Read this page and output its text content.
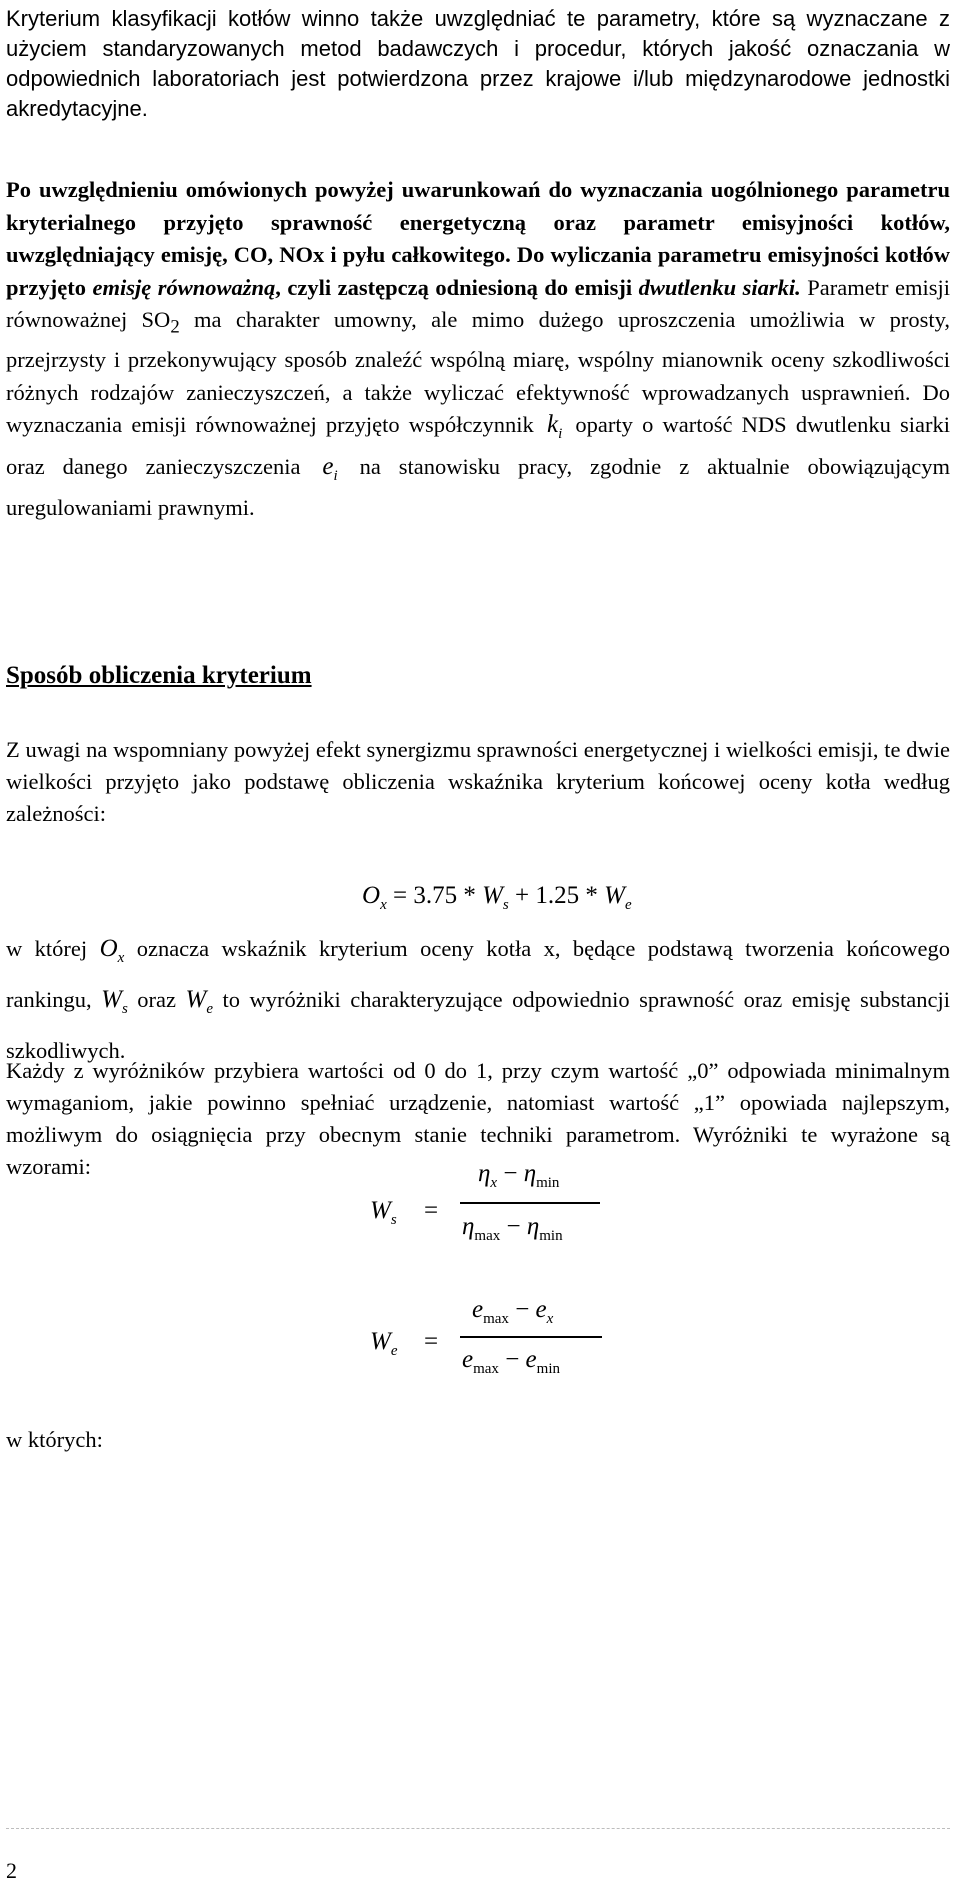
Kryterium klasyfikacji kotłów winno także uwzględniać te parametry, które są wyznaczane z użyciem standaryzowanych metod badawczych i procedur, których jakość oznaczania w odpowiednich laboratoriach jest potwierdzona przez krajowe i/lub międzynarodowe jednostki akredytacyjne.

Po uwzględnieniu omówionych powyżej uwarunkowań do wyznaczania uogólnionego parametru kryterialnego przyjęto sprawność energetyczną oraz parametr emisyjności kotłów, uwzględniający emisję, CO, NOx i pyłu całkowitego. Do wyliczania parametru emisyjności kotłów przyjęto emisję równoważną, czyli zastępczą odniesioną do emisji dwutlenku siarki. Parametr emisji równoważnej $SO_2$ ma charakter umowny, ale mimo dużego uproszczenia umożliwia w prosty, przejrzysty i przekonywujący sposób znaleźć wspólną miarę, wspólny mianownik oceny szkodliwości różnych rodzajów zanieczyszczeń, a także wyliczać efektywność wprowadzanych usprawnień. Do wyznaczania emisji równoważnej przyjęto współczynnik $k_i$ oparty o wartość NDS dwutlenku siarki oraz danego zanieczyszczenia $e_i$ na stanowisku pracy, zgodnie z aktualnie obowiązującym uregulowaniami prawnymi.

Sposób obliczenia kryterium

Z uwagi na wspomniany powyżej efekt synergizmu sprawności energetycznej i wielkości emisji, te dwie wielkości przyjęto jako podstawę obliczenia wskaźnika kryterium końcowej oceny kotła według zależności:

$O_x = 3.75 * W_s + 1.25 * W_e$

w której $O_x$ oznacza wskaźnik kryterium oceny kotła x, będące podstawą tworzenia końcowego rankingu, $W_s$ oraz $W_e$ to wyróżniki charakteryzujące odpowiednio sprawność oraz emisję substancji szkodliwych.

Każdy z wyróżników przybiera wartości od 0 do 1, przy czym wartość „0” odpowiada minimalnym wymaganiom, jakie powinno spełniać urządzenie, natomiast wartość „1” opowiada najlepszym, możliwym do osiągnięcia przy obecnym stanie techniki parametrom. Wyróżniki te wyrażone są wzorami:

$W_s$ =
$\eta_x - \eta_{min}$
$\eta_{max} - \eta_{min}$
$W_e$ =
$e_{max} - e_x$
$e_{max} - e_{min}$

w których:

2
